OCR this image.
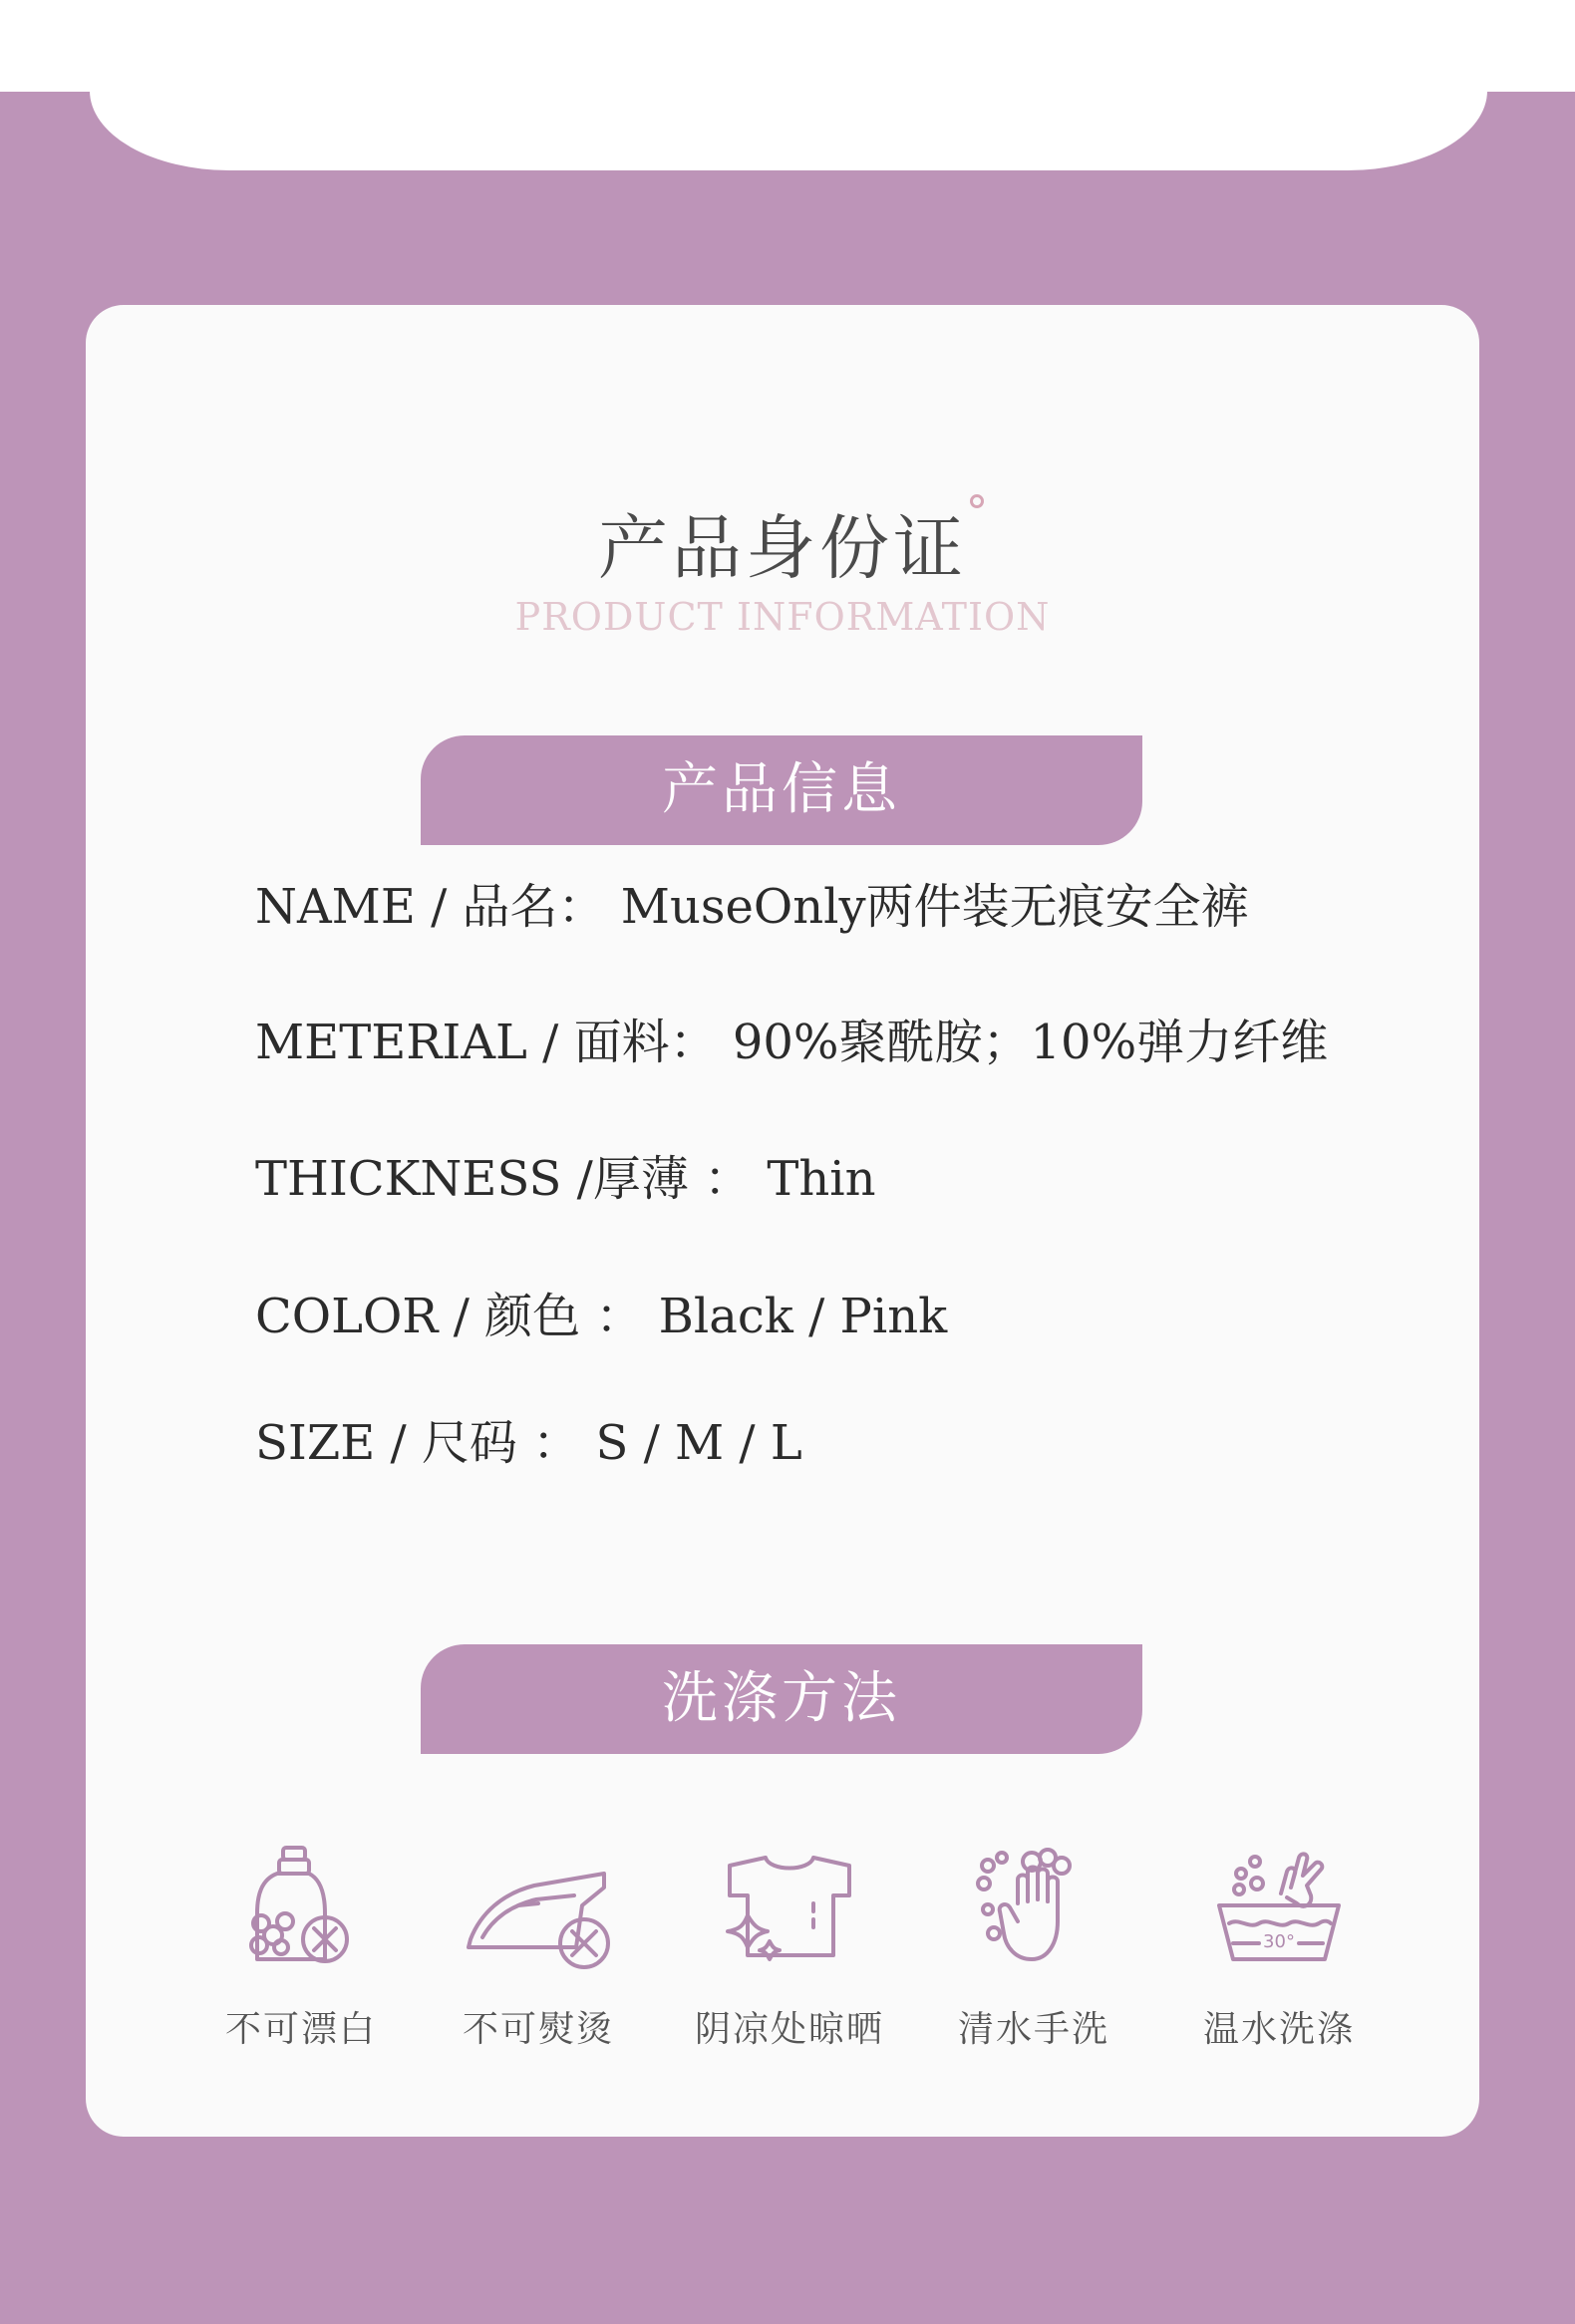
产品身份证
PRODUCT INFORMATION
产品信息
NAME / 品名： MuseOnly两件装无痕安全裤
METERIAL / 面料： 90%聚酰胺；10%弹力纤维
THICKNESS /厚薄 ： Thin
COLOR / 颜色 ： Black / Pink
SIZE / 尺码 ： S / M / L
洗涤方法
不可漂白	不可熨烫	阴凉处晾晒	清水手洗
30°
温水洗涤
